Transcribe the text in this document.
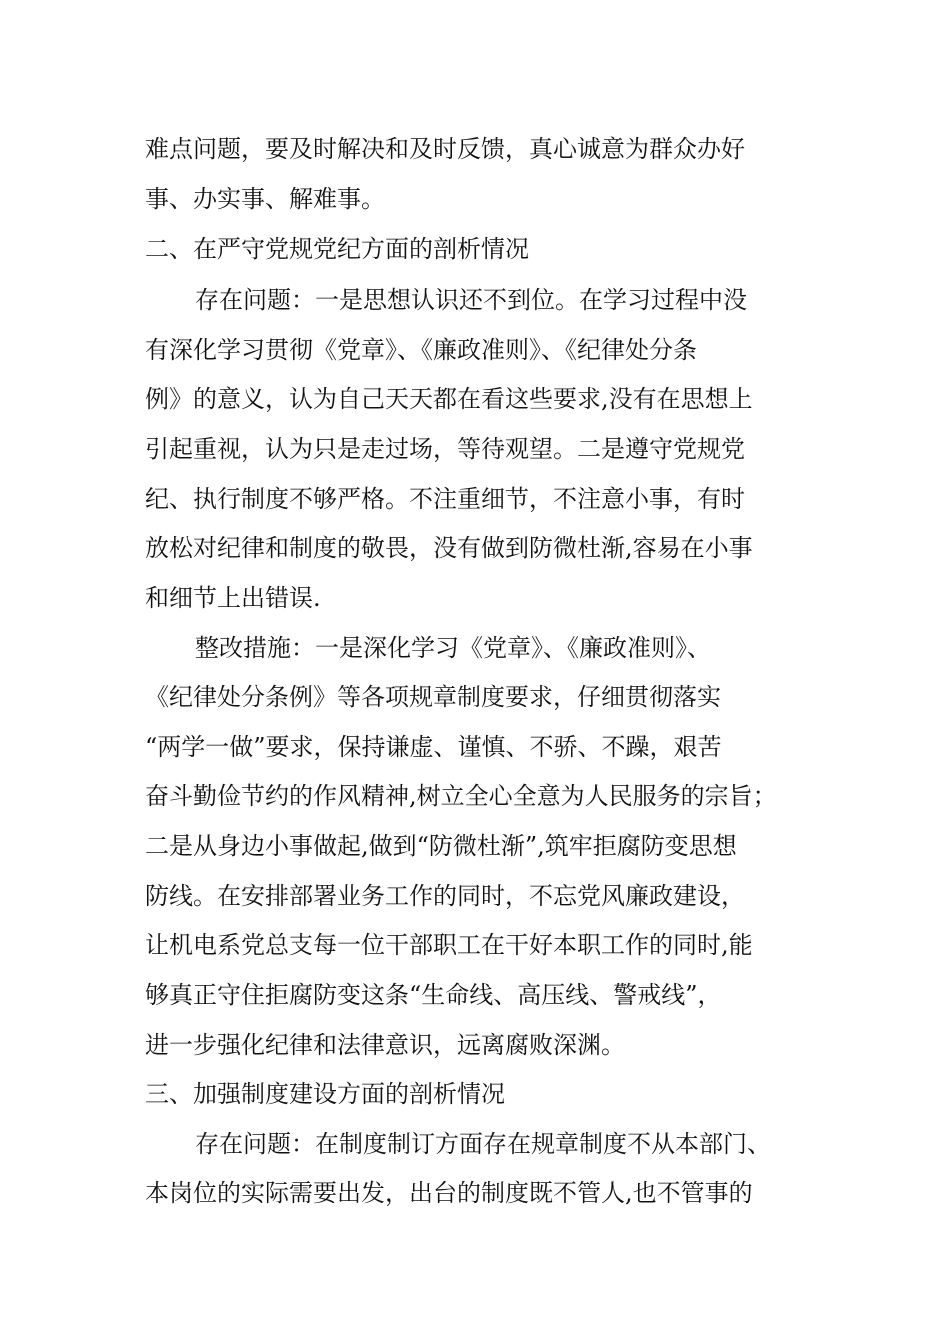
难点问题，要及时解决和及时反馈，真心诚意为群众办好

事、办实事、解难事。

二、在严守党规党纪方面的剖析情况

存在问题：一是思想认识还不到位。在学习过程中没

有深化学习贯彻《党章》、《廉政准则》、《纪律处分条

例》的意义，认为自己天天都在看这些要求,没有在思想上

引起重视，认为只是走过场，等待观望。二是遵守党规党

纪、执行制度不够严格。不注重细节，不注意小事，有时

放松对纪律和制度的敬畏，没有做到防微杜渐,容易在小事

和细节上出错误.

整改措施：一是深化学习《党章》、《廉政准则》、

《纪律处分条例》等各项规章制度要求，仔细贯彻落实

“两学一做”要求，保持谦虚、谨慎、不骄、不躁，艰苦

奋斗勤俭节约的作风精神,树立全心全意为人民服务的宗旨；

二是从身边小事做起,做到“防微杜渐”,筑牢拒腐防变思想

防线。在安排部署业务工作的同时，不忘党风廉政建设，

让机电系党总支每一位干部职工在干好本职工作的同时,能

够真正守住拒腐防变这条“生命线、高压线、警戒线”，

进一步强化纪律和法律意识，远离腐败深渊。

三、加强制度建设方面的剖析情况

存在问题：在制度制订方面存在规章制度不从本部门、

本岗位的实际需要出发，出台的制度既不管人,也不管事的
